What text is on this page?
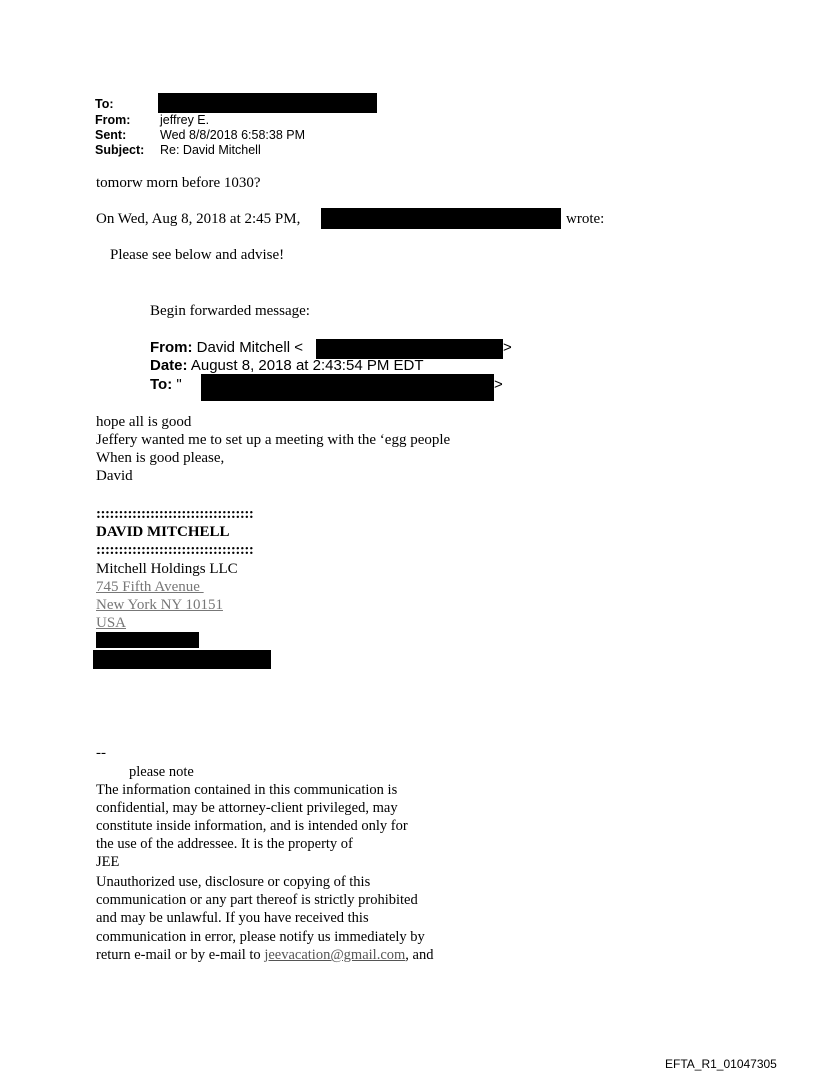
To:
From: jeffrey E.
Sent:	Wed 8/8/2018 6:58:38 PM
Subject: Re: David Mitchell
tomorw morn before 1030?
On Wed, Aug 8, 2018 at 2:45 PM,	wrote:
Please see below and advise!
Begin forwarded message:
From: David Mitchell <	>
Date: August 8, 2018 at 2:43:54 PM EDT
To: "	>
hope all is good
Jeffery wanted me to set up a meeting with the ‘egg people
When is good please,
David
:::::::::::::::::::::::::::::::::::
DAVID MITCHELL
:::::::::::::::::::::::::::::::::::
Mitchell Holdings LLC
745 Fifth Avenue
New York NY 10151
USA
--
please note
The information contained in this communication is
confidential, may be attorney-client privileged, may
constitute inside information, and is intended only for
the use of the addressee. It is the property of
JEE
Unauthorized use, disclosure or copying of this
communication or any part thereof is strictly prohibited
and may be unlawful. If you have received this
communication in error, please notify us immediately by
return e-mail or by e-mail to jeevacation@gmail.com, and
EFTA_R1_01047305
